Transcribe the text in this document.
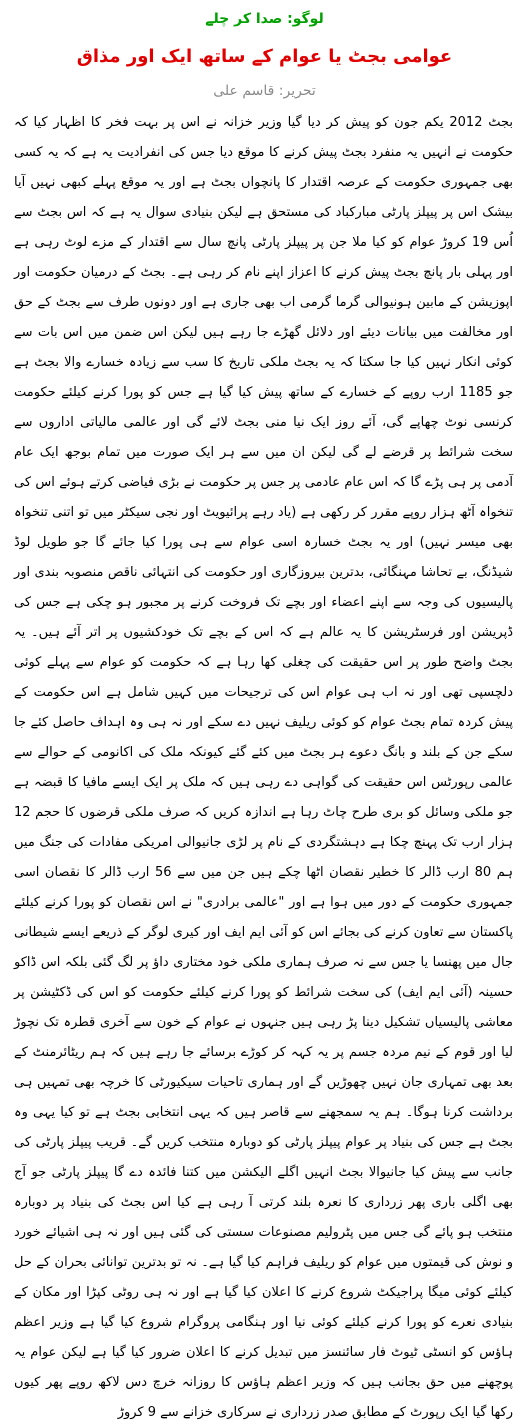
لوگو: صدا کر چلے
عوامی بجٹ یا عوام کے ساتھ ایک اور مذاق
تحریر: قاسم علی

بجٹ 2012 یکم جون کو پیش کر دیا گیا وزیر خزانہ نے اس پر بہت فخر کا اظہار کیا کہ حکومت نے انہیں یہ منفرد بجٹ پیش کرنے کا موقع دیا جس کی انفرادیت یہ ہے کہ یہ کسی بھی جمہوری حکومت کے عرصہ اقتدار کا پانچواں بجٹ ہے اور یہ موقع پہلے کبھی نہیں آیا بیشک اس پر پیپلز پارٹی مبارکباد کی مستحق ہے لیکن بنیادی سوال یہ ہے کہ اس بجٹ سے اُس 19 کروڑ عوام کو کیا ملا جن پر پیپلز پارٹی پانچ سال سے اقتدار کے مزے لوٹ رہی ہے اور پہلی بار پانچ بجٹ پیش کرنے کا اعزاز اپنے نام کر رہی ہے۔ بجٹ کے درمیان حکومت اور اپوزیشن کے مابین ہونیوالی گرما گرمی اب بھی جاری ہے اور دونوں طرف سے بجٹ کے حق اور مخالفت میں بیانات دیئے اور دلائل گھڑے جا رہے ہیں لیکن اس ضمن میں اس بات سے کوئی انکار نہیں کیا جا سکتا کہ یہ بجٹ ملکی تاریخ کا سب سے زیادہ خسارے والا بجٹ ہے جو 1185 ارب روپے کے خسارے کے ساتھ پیش کیا گیا ہے جس کو پورا کرنے کیلئے حکومت کرنسی نوٹ چھاپے گی، آئے روز ایک نیا منی بجٹ لائے گی اور عالمی مالیاتی اداروں سے سخت شرائط پر قرضے لے گی لیکن ان میں سے ہر ایک صورت میں تمام بوجھ ایک عام آدمی پر ہی پڑے گا کہ اس عام عادمی پر جس پر حکومت نے بڑی فیاضی کرتے ہوئے اس کی تنخواہ آٹھ ہزار روپے مقرر کر رکھی ہے (یاد رہے پرائیویٹ اور نجی سیکٹر میں تو اتنی تنخواہ بھی میسر نہیں) اور یہ بجٹ خسارہ اسی عوام سے ہی پورا کیا جائے گا جو طویل لوڈ شیڈنگ، بے تحاشا مہنگائی، بدترین بیروزگاری اور حکومت کی انتہائی ناقص منصوبہ بندی اور پالیسیوں کی وجہ سے اپنے اعضاء اور بچے تک فروخت کرنے پر مجبور ہو چکی ہے جس کی ڈپریشن اور فرسٹریشن کا یہ عالم ہے کہ اس کے بچے تک خودکشیوں پر اتر آئے ہیں۔ یہ بجٹ واضح طور پر اس حقیقت کی چغلی کھا رہا ہے کہ حکومت کو عوام سے پہلے کوئی دلچسپی تھی اور نہ اب ہی عوام اس کی ترجیحات میں کہیں شامل ہے اس حکومت کے پیش کردہ تمام بجٹ عوام کو کوئی ریلیف نہیں دے سکے اور نہ ہی وہ اہداف حاصل کئے جا سکے جن کے بلند و بانگ دعوے ہر بجٹ میں کئے گئے کیونکہ ملک کی اکانومی کے حوالے سے عالمی رپورٹس اس حقیقت کی گواہی دے رہی ہیں کہ ملک پر ایک ایسے مافیا کا قبضہ ہے جو ملکی وسائل کو بری طرح چاٹ رہا ہے اندازہ کریں کہ صرف ملکی قرضوں کا حجم 12 ہزار ارب تک پہنچ چکا ہے دہشتگردی کے نام پر لڑی جانیوالی امریکی مفادات کی جنگ میں ہم 80 ارب ڈالر کا خطیر نقصان اٹھا چکے ہیں جن میں سے 56 ارب ڈالر کا نقصان اسی جمہوری حکومت کے دور میں ہوا ہے اور "عالمی برادری" نے اس نقصان کو پورا کرنے کیلئے پاکستان سے تعاون کرنے کی بجائے اس کو آئی ایم ایف اور کیری لوگر کے ذریعے ایسے شیطانی جال میں پھنسا یا جس سے نہ صرف ہماری ملکی خود مختاری داؤ پر لگ گئی بلکہ اس ڈاکو حسینہ (آئی ایم ایف) کی سخت شرائط کو پورا کرنے کیلئے حکومت کو اس کی ڈکٹیشن پر معاشی پالیسیاں تشکیل دینا پڑ رہی ہیں جنہوں نے عوام کے خون سے آخری قطرہ تک نچوڑ لیا اور قوم کے نیم مردہ جسم پر یہ کہہ کر کوڑے برسائے جا رہے ہیں کہ ہم ریٹائرمنٹ کے بعد بھی تمہاری جان نہیں چھوڑیں گے اور ہماری تاحیات سیکیورٹی کا خرچہ بھی تمہیں ہی برداشت کرنا ہوگا۔ ہم یہ سمجھنے سے قاصر ہیں کہ یہی انتخابی بجٹ ہے تو کیا یہی وہ بجٹ ہے جس کی بنیاد پر عوام پیپلز پارٹی کو دوبارہ منتخب کریں گے۔ قریب پیپلز پارٹی کی جانب سے پیش کیا جانیوالا بجٹ انہیں اگلے الیکشن میں کتنا فائدہ دے گا پیپلز پارٹی جو آج بھی اگلی باری پھر زرداری کا نعرہ بلند کرتی آ رہی ہے کیا اس بجٹ کی بنیاد پر دوبارہ منتخب ہو پائے گی جس میں پٹرولیم مصنوعات سستی کی گئی ہیں اور نہ ہی اشیائے خورد و نوش کی قیمتوں میں عوام کو ریلیف فراہم کیا گیا ہے۔ نہ تو بدترین توانائی بحران کے حل کیلئے کوئی میگا پراجیکٹ شروع کرنے کا اعلان کیا گیا ہے اور نہ ہی روٹی کپڑا اور مکان کے بنیادی نعرے کو پورا کرنے کیلئے کوئی نیا اور ہنگامی پروگرام شروع کیا گیا ہے وزیر اعظم ہاؤس کو انسٹی ٹیوٹ فار سائنسز میں تبدیل کرنے کا اعلان ضرور کیا گیا ہے لیکن عوام یہ پوچھنے میں حق بجانب ہیں کہ وزیر اعظم ہاؤس کا روزانہ خرچ دس لاکھ روپے پھر کیوں رکھا گیا ایک رپورٹ کے مطابق صدر زرداری نے سرکاری خزانے سے 9 کروڑ
